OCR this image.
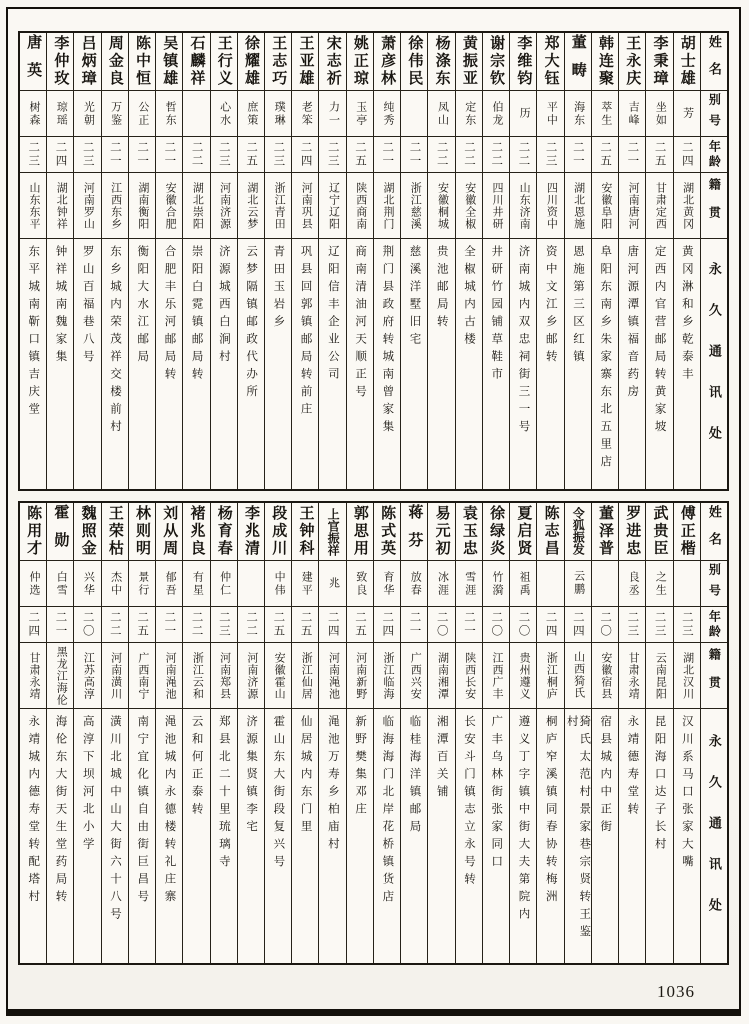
姓名
别号
年龄
籍贯
永久通讯处
胡士雄
芳
二四
湖北黄冈
黄冈淋和乡乾泰丰
李秉璋
坐如
二五
甘肃定西
定西内官营邮局转黄家坡
王永庆
吉峰
二一
河南唐河
唐河源潭镇福音药房
韩连聚
萃生
二五
安徽阜阳
阜阳东南乡朱家寨东北五里店
董畴
海东
二一
湖北恩施
恩施第三区红镇
郑大钰
平中
二三
四川资中
资中文江乡邮转
李维钧
历
二二
山东济南
济南城内双忠祠街三一号
谢宗钦
伯龙
二二
四川井研
井研竹园铺草鞋市
黄振亚
定东
二二
安徽全椒
全椒城内古楼
杨涤东
凤山
二二
安徽桐城
贵池邮局转
徐伟民
二一
浙江慈溪
慈溪洋墅旧宅
萧彦林
纯秀
二一
湖北荆门
荆门县政府转城南曾家集
姚正琼
玉亭
二五
陕西商南
商南清油河天顺正号
宋志祈
力一
二三
辽宁辽阳
辽阳信丰企业公司
王亚雄
老笨
二四
河南巩县
巩县回郭镇邮局转前庄
王志巧
璞琳
二三
浙江青田
青田玉岩乡
徐耀雄
庶策
二五
湖北云梦
云梦隔镇邮政代办所
王行义
心水
二三
河南济源
济源城西白涧村
石麟祥
二二
湖北崇阳
崇阳白霓镇邮局转
吴镇雄
哲东
二一
安徽合肥
合肥丰乐河邮局转
陈中恒
公正
二一
湖南衡阳
衡阳大水江邮局
周金良
万鉴
二一
江西东乡
东乡城内荣茂祥交楼前村
吕炳璋
光朝
二三
河南罗山
罗山百福巷八号
李仲玫
琼瑶
二四
湖北钟祥
钟祥城南魏家集
唐英
树森
二三
山东东平
东平城南靳口镇吉庆堂
姓名
别号
年龄
籍贯
永久通讯处
傅正楷
二三
湖北汉川
汉川系马口张家大嘴
武贵臣
之生
二三
云南昆阳
昆阳海口达子长村
罗进忠
良丞
二三
甘肃永靖
永靖德寿堂转
董泽普
二〇
安徽宿县
宿县城内中正街
令狐振发
云鹏
二四
山西猗氏
猗氏太范村景家巷宗贤转王鉴村
陈志昌
二四
浙江桐庐
桐庐窄溪镇同春协转梅洲
夏启贤
祖禹
二〇
贵州遵义
遵义丁字镇中街大夫第院内
徐绿炎
竹漪
二〇
江西广丰
广丰乌林街张家同口
袁玉忠
雪涯
二一
陕西长安
长安斗门镇志立永号转
易元初
冰涯
二〇
湖南湘潭
湘潭百关铺
蒋芬
放春
二一
广西兴安
临桂海洋镇邮局
陈式英
育华
二四
浙江临海
临海海门北岸花桥镇货店
郭思用
致良
二五
河南新野
新野樊集邓庄
上官振祥
兆
二四
河南渑池
渑池万寿乡柏庙村
王钟科
建平
二五
浙江仙居
仙居城内东门里
段成川
中伟
二五
安徽霍山
霍山东大街段复兴号
李兆清
二二
河南济源
济源集贤镇李宅
杨育春
仲仁
二三
河南郑县
郑县北二十里琉璃寺
褚兆良
有星
二二
浙江云和
云和何正泰转
刘从周
郁吾
二一
河南渑池
渑池城内永德楼转礼庄寨
林则明
景行
二五
广西南宁
南宁宜化镇自由街巨昌号
王荣枯
杰中
二二
河南潢川
潢川北城中山大街六十八号
魏照金
兴华
二〇
江苏高淳
高淳下坝河北小学
霍勋
白雪
二一
黑龙江海伦
海伦东大街天生堂药局转
陈用才
仲选
二四
甘肃永靖
永靖城内德寿堂转配塔村
1036
